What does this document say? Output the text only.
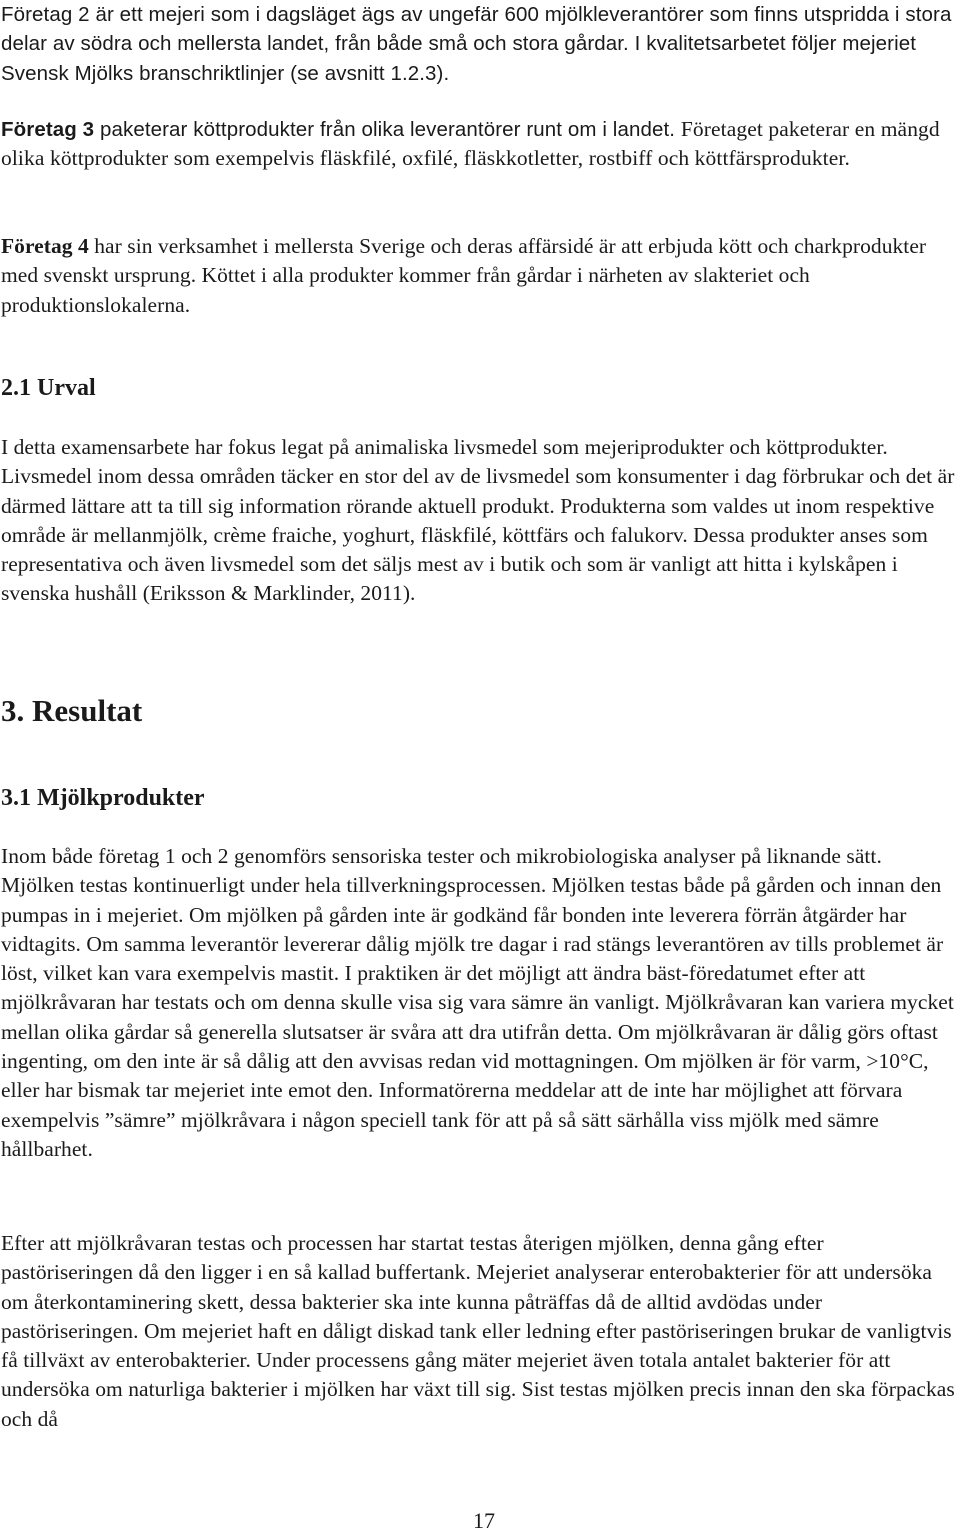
Företag 2 är ett mejeri som i dagsläget ägs av ungefär 600 mjölkleverantörer som finns utspridda i stora delar av södra och mellersta landet, från både små och stora gårdar. I kvalitetsarbetet följer mejeriet Svensk Mjölks branschriktlinjer (se avsnitt 1.2.3).

Företag 3 paketerar köttprodukter från olika leverantörer runt om i landet. Företaget paketerar en mängd olika köttprodukter som exempelvis fläskfilé, oxfilé, fläskkotletter, rostbiff och köttfärsprodukter.

Företag 4 har sin verksamhet i mellersta Sverige och deras affärsidé är att erbjuda kött och charkprodukter med svenskt ursprung. Köttet i alla produkter kommer från gårdar i närheten av slakteriet och produktionslokalerna.

2.1 Urval

I detta examensarbete har fokus legat på animaliska livsmedel som mejeriprodukter och köttprodukter. Livsmedel inom dessa områden täcker en stor del av de livsmedel som konsumenter i dag förbrukar och det är därmed lättare att ta till sig information rörande aktuell produkt. Produkterna som valdes ut inom respektive område är mellanmjölk, crème fraiche, yoghurt, fläskfilé, köttfärs och falukorv. Dessa produkter anses som representativa och även livsmedel som det säljs mest av i butik och som är vanligt att hitta i kylskåpen i svenska hushåll (Eriksson & Marklinder, 2011).

3. Resultat
3.1 Mjölkprodukter

Inom både företag 1 och 2 genomförs sensoriska tester och mikrobiologiska analyser på liknande sätt. Mjölken testas kontinuerligt under hela tillverkningsprocessen. Mjölken testas både på gården och innan den pumpas in i mejeriet. Om mjölken på gården inte är godkänd får bonden inte leverera förrän åtgärder har vidtagits. Om samma leverantör levererar dålig mjölk tre dagar i rad stängs leverantören av tills problemet är löst, vilket kan vara exempelvis mastit. I praktiken är det möjligt att ändra bäst-föredatumet efter att mjölkråvaran har testats och om denna skulle visa sig vara sämre än vanligt. Mjölkråvaran kan variera mycket mellan olika gårdar så generella slutsatser är svåra att dra utifrån detta. Om mjölkråvaran är dålig görs oftast ingenting, om den inte är så dålig att den avvisas redan vid mottagningen. Om mjölken är för varm, >10°C, eller har bismak tar mejeriet inte emot den. Informatörerna meddelar att de inte har möjlighet att förvara exempelvis ”sämre” mjölkråvara i någon speciell tank för att på så sätt särhålla viss mjölk med sämre hållbarhet.

Efter att mjölkråvaran testas och processen har startat testas återigen mjölken, denna gång efter pastöriseringen då den ligger i en så kallad buffertank. Mejeriet analyserar enterobakterier för att undersöka om återkontaminering skett, dessa bakterier ska inte kunna påträffas då de alltid avdödas under pastöriseringen. Om mejeriet haft en dåligt diskad tank eller ledning efter pastöriseringen brukar de vanligtvis få tillväxt av enterobakterier. Under processens gång mäter mejeriet även totala antalet bakterier för att undersöka om naturliga bakterier i mjölken har växt till sig. Sist testas mjölken precis innan den ska förpackas och då

17
